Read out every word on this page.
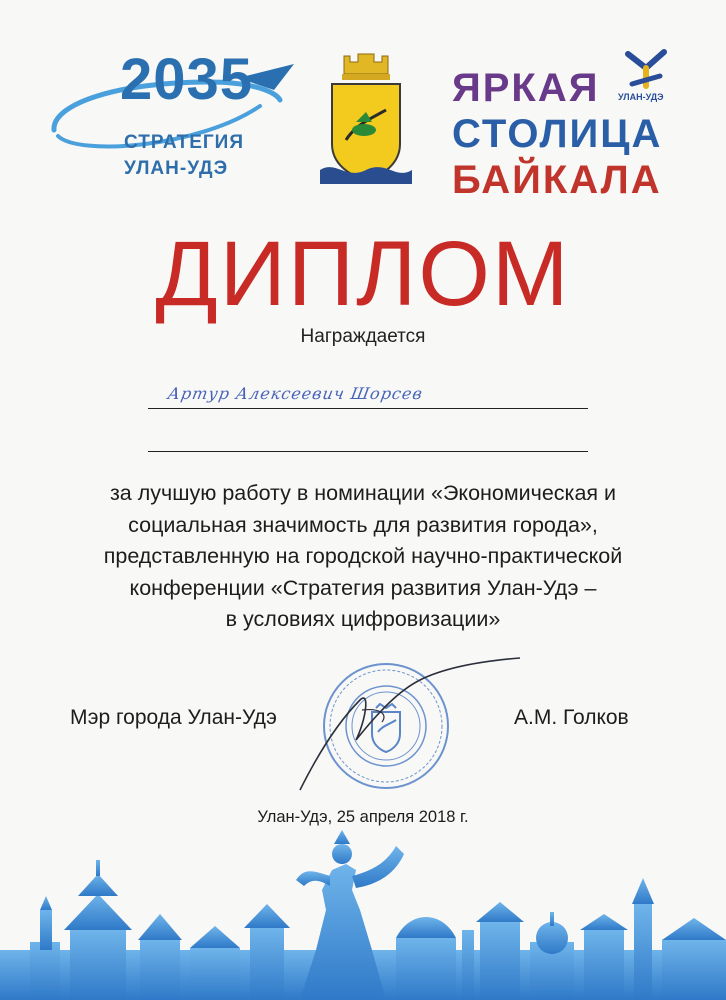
2035
СТРАТЕГИЯ
УЛАН-УДЭ
УЛАН-УДЭ
ЯРКАЯ
СТОЛИЦА
БАЙКАЛА
ДИПЛОМ
Награждается
Артур Алексеевич Шорсев
за лучшую работу в номинации «Экономическая и
социальная значимость для развития города»,
представленную на городской научно-практической
конференции «Стратегия развития Улан-Удэ –
в условиях цифровизации»
Мэр города Улан-Удэ	А.М. Голков
Улан-Удэ, 25 апреля 2018 г.
